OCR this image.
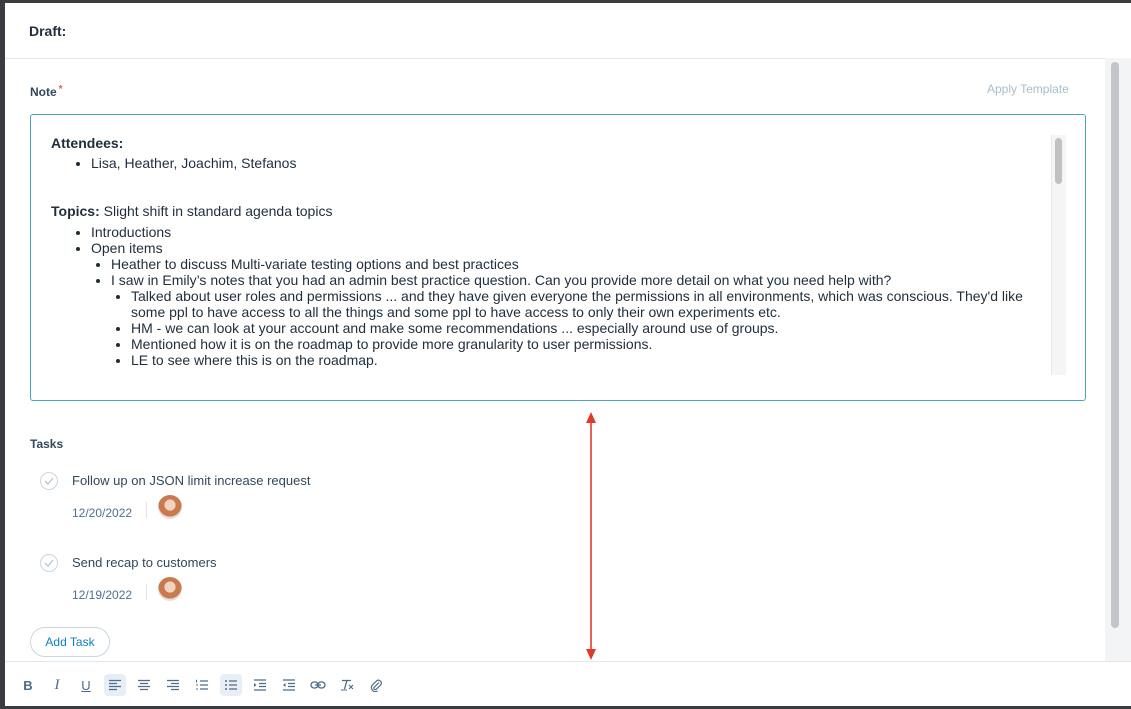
Draft:
Note *	Apply Template
Attendees:
• Lisa, Heather, Joachim, Stefanos
Topics: Slight shift in standard agenda topics
• Introductions
• Open items
• Heather to discuss Multi-variate testing options and best practices
• I saw in Emily’s notes that you had an admin best practice question. Can you provide more detail on what you need help with?
• Talked about user roles and permissions ... and they have given everyone the permissions in all environments, which was conscious. They'd like some ppl to have access to all the things and some ppl to have access to only their own experiments etc.
• HM - we can look at your account and make some recommendations ... especially around use of groups.
• Mentioned how it is on the roadmap to provide more granularity to user permissions.
• LE to see where this is on the roadmap.
Tasks
Follow up on JSON limit increase request
12/20/2022
Send recap to customers
12/19/2022
Add Task
B	I	U
